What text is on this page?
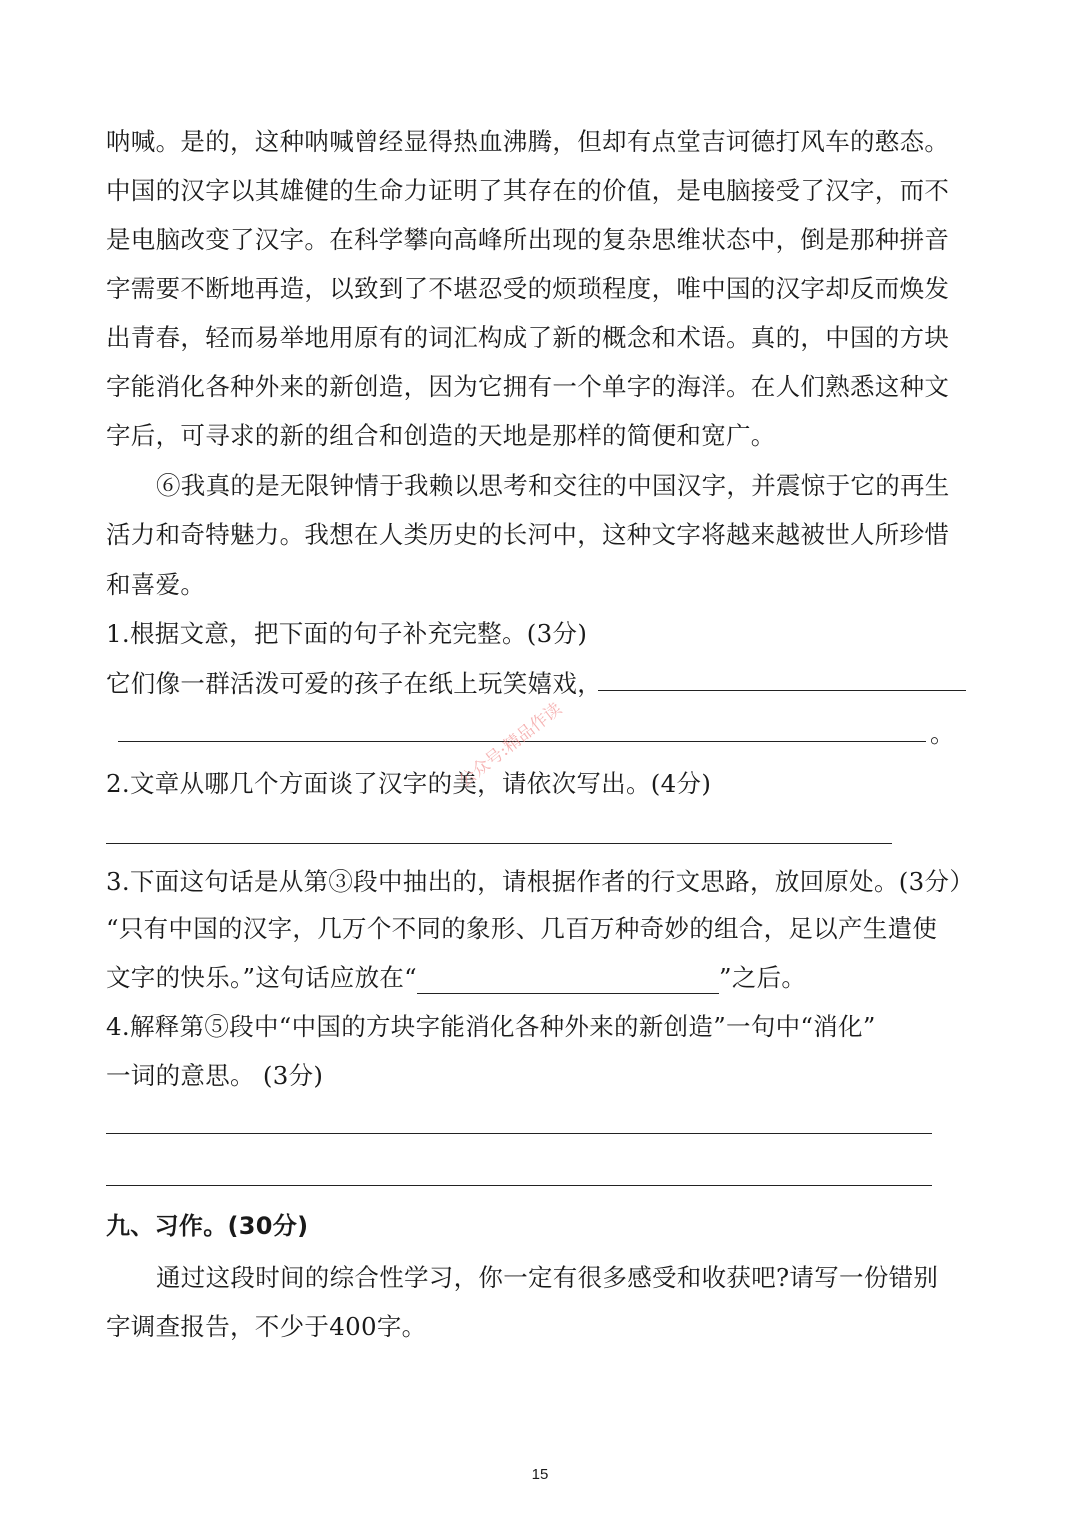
呐喊。是的，这种呐喊曾经显得热血沸腾，但却有点堂吉诃德打风车的憨态。
中国的汉字以其雄健的生命力证明了其存在的价值，是电脑接受了汉字，而不
是电脑改变了汉字。在科学攀向高峰所出现的复杂思维状态中，倒是那种拼音
字需要不断地再造，以致到了不堪忍受的烦琐程度，唯中国的汉字却反而焕发
出青春，轻而易举地用原有的词汇构成了新的概念和术语。真的，中国的方块
字能消化各种外来的新创造，因为它拥有一个单字的海洋。在人们熟悉这种文
字后，可寻求的新的组合和创造的天地是那样的简便和宽广。
⑥我真的是无限钟情于我赖以思考和交往的中国汉字，并震惊于它的再生
活力和奇特魅力。我想在人类历史的长河中，这种文字将越来越被世人所珍惜
和喜爱。
1.根据文意，把下面的句子补充完整。(3分)
它们像一群活泼可爱的孩子在纸上玩笑嬉戏，
。
2.文章从哪几个方面谈了汉字的美，请依次写出。(4分)
3.下面这句话是从第③段中抽出的，请根据作者的行文思路，放回原处。(3分）
“只有中国的汉字，几万个不同的象形、几百万种奇妙的组合，足以产生遣使
文字的快乐。”这句话应放在“	”之后。
4.解释第⑤段中“中国的方块字能消化各种外来的新创造”一句中“消化”
一词的意思。 (3分)
九、习作。(30分)
通过这段时间的综合性学习，你一定有很多感受和收获吧?请写一份错别
字调查报告，不少于400字。
公众号:精品作读
15
